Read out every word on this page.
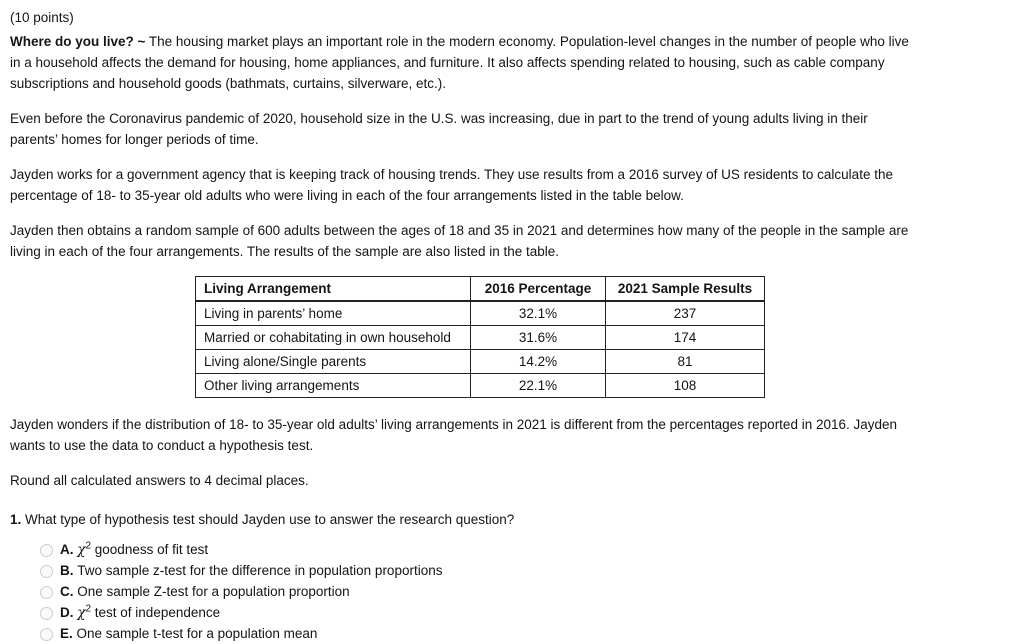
(10 points)

Where do you live? ~ The housing market plays an important role in the modern economy. Population-level changes in the number of people who live in a household affects the demand for housing, home appliances, and furniture. It also affects spending related to housing, such as cable company subscriptions and household goods (bathmats, curtains, silverware, etc.).

Even before the Coronavirus pandemic of 2020, household size in the U.S. was increasing, due in part to the trend of young adults living in their parents’ homes for longer periods of time.

Jayden works for a government agency that is keeping track of housing trends. They use results from a 2016 survey of US residents to calculate the percentage of 18- to 35-year old adults who were living in each of the four arrangements listed in the table below.

Jayden then obtains a random sample of 600 adults between the ages of 18 and 35 in 2021 and determines how many of the people in the sample are living in each of the four arrangements. The results of the sample are also listed in the table.

Living Arrangement	2016 Percentage	2021 Sample Results
Living in parents’ home	32.1%	237
Married or cohabitating in own household	31.6%	174
Living alone/Single parents	14.2%	81
Other living arrangements	22.1%	108

Jayden wonders if the distribution of 18- to 35-year old adults’ living arrangements in 2021 is different from the percentages reported in 2016. Jayden wants to use the data to conduct a hypothesis test.

Round all calculated answers to 4 decimal places.

1. What type of hypothesis test should Jayden use to answer the research question?

A. $\chi^2$ goodness of fit test
B. Two sample z-test for the difference in population proportions
C. One sample Z-test for a population proportion
D. $\chi^2$ test of independence
E. One sample t-test for a population mean
